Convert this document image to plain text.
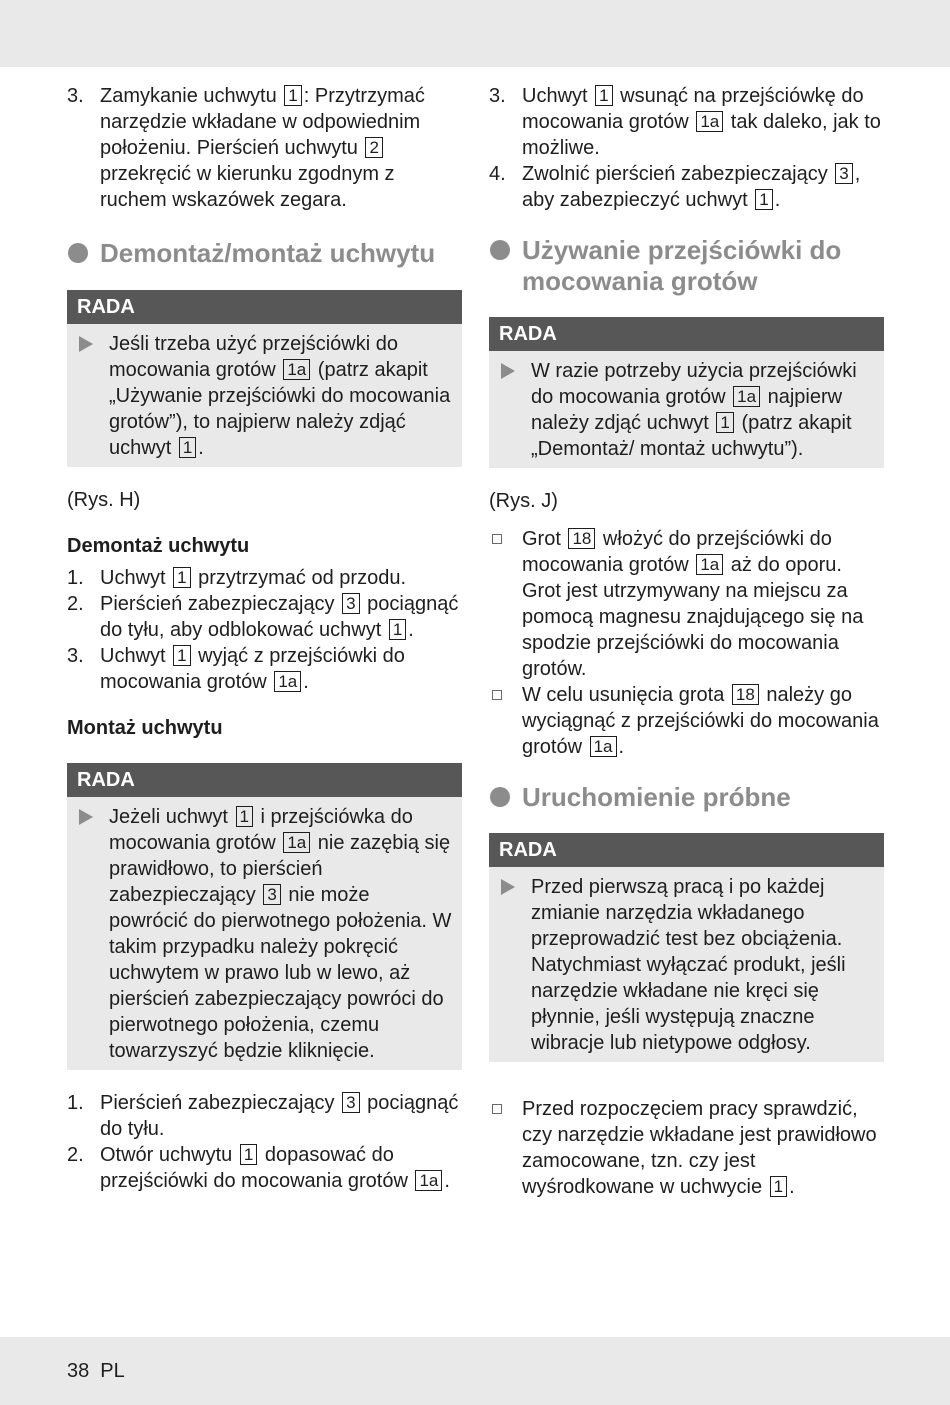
3. Zamykanie uchwytu 1 : Przytrzymać narzędzie wkładane w odpowiednim położeniu. Pierścień uchwytu 2 przekręcić w kierunku zgodnym z ruchem wskazówek zegara.
Demontaż/montaż uchwytu
RADA
Jeśli trzeba użyć przejściówki do mocowania grotów 1a (patrz akapit „Używanie przejściówki do mocowania grotów”), to najpierw należy zdjąć uchwyt 1 .

(Rys. H)

Demontaż uchwytu

1. Uchwyt 1 przytrzymać od przodu.
2. Pierścień zabezpieczający 3 pociągnąć do tyłu, aby odblokować uchwyt 1 .
3. Uchwyt 1 wyjąć z przejściówki do mocowania grotów 1a .

Montaż uchwytu

RADA
Jeżeli uchwyt 1 i przejściówka do mocowania grotów 1a nie zazębią się prawidłowo, to pierścień zabezpieczający 3 nie może powrócić do pierwotnego położenia. W takim przypadku należy pokręcić uchwytem w prawo lub w lewo, aż pierścień zabezpieczający powróci do pierwotnego położenia, czemu towarzyszyć będzie kliknięcie.
1. Pierścień zabezpieczający 3 pociągnąć do tyłu.
2. Otwór uchwytu 1 dopasować do przejściówki do mocowania grotów 1a .
3. Uchwyt 1 wsunąć na przejściówkę do mocowania grotów 1a tak daleko, jak to możliwe.
4. Zwolnić pierścień zabezpieczający 3 , aby zabezpieczyć uchwyt 1 .
Używanie przejściówki do mocowania grotów
RADA
W razie potrzeby użycia przejściówki do mocowania grotów 1a najpierw należy zdjąć uchwyt 1 (patrz akapit „Demontaż/ montaż uchwytu”).

(Rys. J)

Grot 18 włożyć do przejściówki do mocowania grotów 1a aż do oporu. Grot jest utrzymywany na miejscu za pomocą magnesu znajdującego się na spodzie przejściówki do mocowania grotów.
W celu usunięcia grota 18 należy go wyciągnąć z przejściówki do mocowania grotów 1a .
Uruchomienie próbne
RADA
Przed pierwszą pracą i po każdej zmianie narzędzia wkładanego przeprowadzić test bez obciążenia. Natychmiast wyłączać produkt, jeśli narzędzie wkładane nie kręci się płynnie, jeśli występują znaczne wibracje lub nietypowe odgłosy.
Przed rozpoczęciem pracy sprawdzić, czy narzędzie wkładane jest prawidłowo zamocowane, tzn. czy jest wyśrodkowane w uchwycie 1 .
38 PL
